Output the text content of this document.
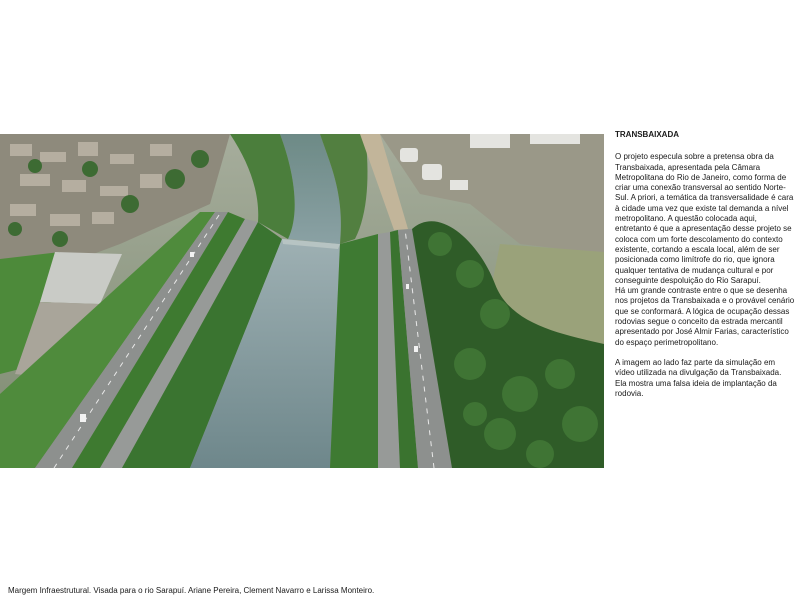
TRANSBAIXADA

O projeto especula sobre a pretensa obra da Transbaixada, apresentada pela Câmara Metropolitana do Rio de Janeiro, como forma de criar uma conexão transversal ao sentido Norte-Sul. A priori, a temática da transversalidade é cara à cidade uma vez que existe tal demanda a nível metropolitano. A questão colocada aqui, entretanto é que a apresentação desse projeto se coloca com um forte descolamento do contexto existente, cortando a escala local, além de ser posicionada como limítrofe do rio, que ignora qualquer tentativa de mudança cultural e por conseguinte despoluição do Rio Sarapuí.

Há um grande contraste entre o que se desenha nos projetos da Transbaixada e o provável cenário que se conformará. A lógica de ocupação dessas rodovias segue o conceito da estrada mercantil apresentado por José Almir Farias, característico do espaço perimetropolitano.

A imagem ao lado faz parte da simulação em vídeo utilizada na divulgação da Transbaixada. Ela mostra uma falsa ideia de implantação da rodovia.

Margem Infraestrutural. Visada para o rio Sarapuí. Ariane Pereira, Clement Navarro e Larissa Monteiro.
